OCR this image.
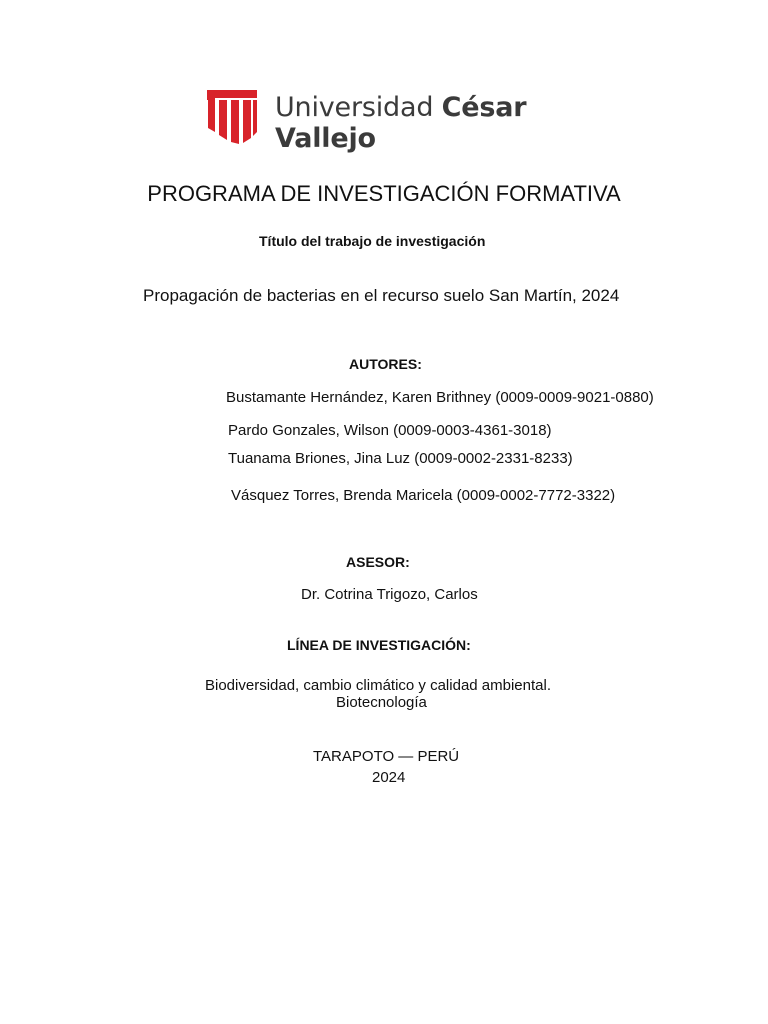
Universidad César Vallejo
PROGRAMA DE INVESTIGACIÓN FORMATIVA
Título del trabajo de investigación
Propagación de bacterias en el recurso suelo San Martín, 2024
AUTORES:
Bustamante Hernández, Karen Brithney (0009-0009-9021-0880)
Pardo Gonzales, Wilson (0009-0003-4361-3018)
Tuanama Briones, Jina Luz (0009-0002-2331-8233)
Vásquez Torres, Brenda Maricela (0009-0002-7772-3322)
ASESOR:
Dr. Cotrina Trigozo, Carlos
LÍNEA DE INVESTIGACIÓN:
Biodiversidad, cambio climático y calidad ambiental.
Biotecnología
TARAPOTO — PERÚ
2024
